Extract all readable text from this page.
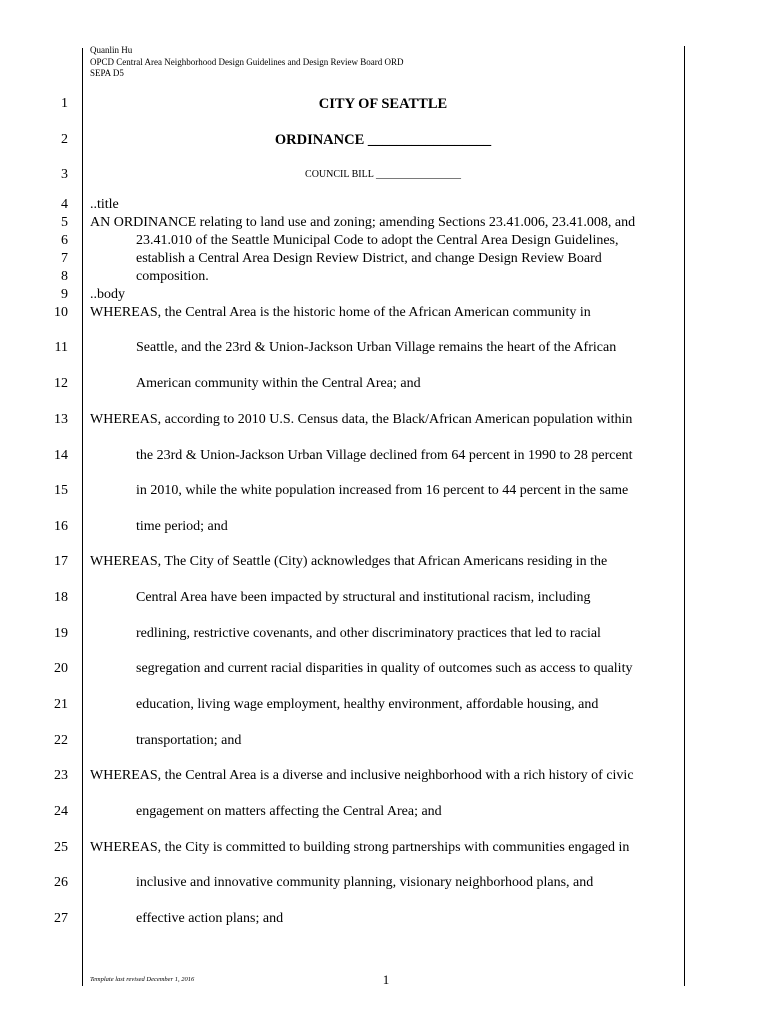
Quanlin Hu
OPCD Central Area Neighborhood Design Guidelines and Design Review Board ORD
SEPA D5
1
2
3
4
5
6
7
8
9
10
11
12
13
14
15
16
17
18
19
20
21
22
23
24
25
26
27
CITY OF SEATTLE
ORDINANCE _________________
COUNCIL BILL _________________
..title
AN ORDINANCE relating to land use and zoning; amending Sections 23.41.006, 23.41.008, and
23.41.010 of the Seattle Municipal Code to adopt the Central Area Design Guidelines,
establish a Central Area Design Review District, and change Design Review Board
composition.
..body
WHEREAS, the Central Area is the historic home of the African American community in
Seattle, and the 23rd & Union-Jackson Urban Village remains the heart of the African
American community within the Central Area; and
WHEREAS, according to 2010 U.S. Census data, the Black/African American population within
the 23rd & Union-Jackson Urban Village declined from 64 percent in 1990 to 28 percent
in 2010, while the white population increased from 16 percent to 44 percent in the same
time period; and
WHEREAS, The City of Seattle (City) acknowledges that African Americans residing in the
Central Area have been impacted by structural and institutional racism, including
redlining, restrictive covenants, and other discriminatory practices that led to racial
segregation and current racial disparities in quality of outcomes such as access to quality
education, living wage employment, healthy environment, affordable housing, and
transportation; and
WHEREAS, the Central Area is a diverse and inclusive neighborhood with a rich history of civic
engagement on matters affecting the Central Area; and
WHEREAS, the City is committed to building strong partnerships with communities engaged in
inclusive and innovative community planning, visionary neighborhood plans, and
effective action plans; and
Template last revised December 1, 2016	1
